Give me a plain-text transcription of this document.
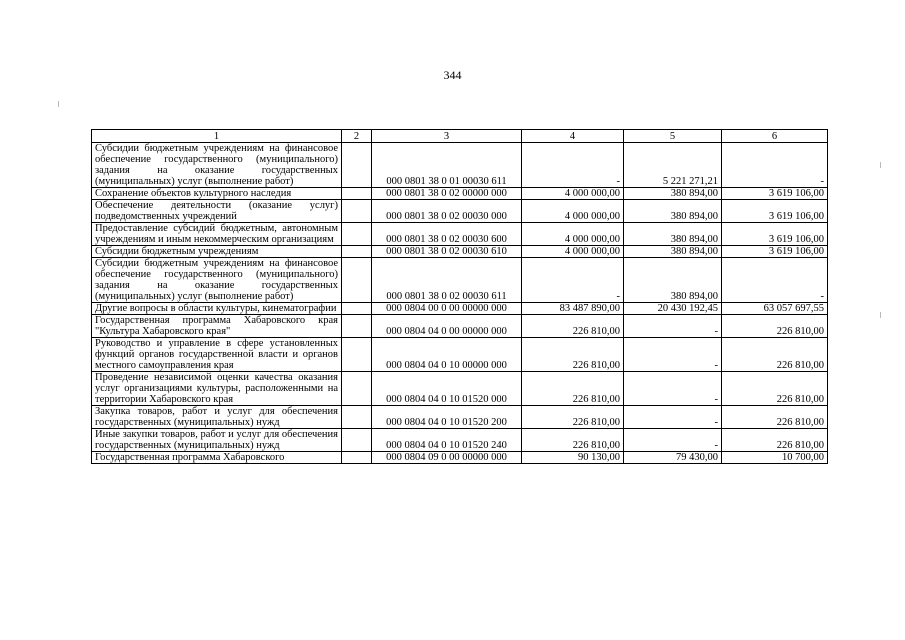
344
1	2	3	4	5	6
Субсидии бюджетным учреждениям на финансовое обеспечение государственного (муниципального) задания на оказание государственных (муниципальных) услуг (выполнение работ)		000 0801 38 0 01 00030 611	-	5 221 271,21	-
Сохранение объектов культурного наследия		000 0801 38 0 02 00000 000	4 000 000,00	380 894,00	3 619 106,00
Обеспечение деятельности (оказание услуг) подведомственных учреждений		000 0801 38 0 02 00030 000	4 000 000,00	380 894,00	3 619 106,00
Предоставление субсидий бюджетным, автономным учреждениям и иным некоммерческим организациям		000 0801 38 0 02 00030 600	4 000 000,00	380 894,00	3 619 106,00
Субсидии бюджетным учреждениям		000 0801 38 0 02 00030 610	4 000 000,00	380 894,00	3 619 106,00
Субсидии бюджетным учреждениям на финансовое обеспечение государственного (муниципального) задания на оказание государственных (муниципальных) услуг (выполнение работ)		000 0801 38 0 02 00030 611	-	380 894,00	-
Другие вопросы в области культуры, кинематографии		000 0804 00 0 00 00000 000	83 487 890,00	20 430 192,45	63 057 697,55
Государственная программа Хабаровского края "Культура Хабаровского края"		000 0804 04 0 00 00000 000	226 810,00	-	226 810,00
Руководство и управление в сфере установленных функций органов государственной власти и органов местного самоуправления края		000 0804 04 0 10 00000 000	226 810,00	-	226 810,00
Проведение независимой оценки качества оказания услуг организациями культуры, расположенными на территории Хабаровского края		000 0804 04 0 10 01520 000	226 810,00	-	226 810,00
Закупка товаров, работ и услуг для обеспечения государственных (муниципальных) нужд		000 0804 04 0 10 01520 200	226 810,00	-	226 810,00
Иные закупки товаров, работ и услуг для обеспечения государственных (муниципальных) нужд		000 0804 04 0 10 01520 240	226 810,00	-	226 810,00
Государственная программа Хабаровского		000 0804 09 0 00 00000 000	90 130,00	79 430,00	10 700,00
